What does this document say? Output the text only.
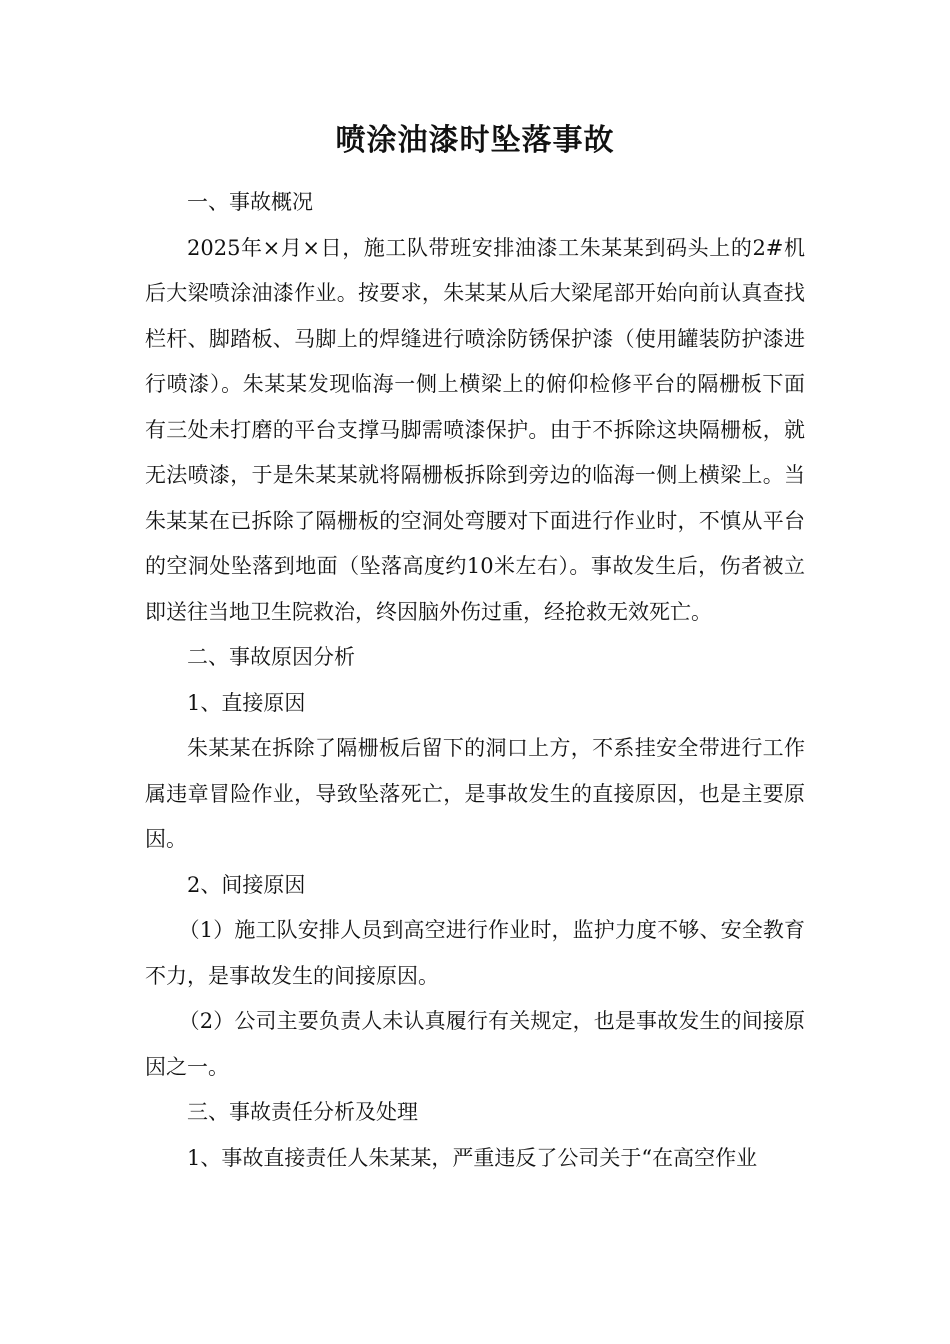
喷涂油漆时坠落事故

一、事故概况

2025年×月×日，施工队带班安排油漆工朱某某到码头上的2#机后大梁喷涂油漆作业。按要求，朱某某从后大梁尾部开始向前认真查找栏杆、脚踏板、马脚上的焊缝进行喷涂防锈保护漆（使用罐装防护漆进行喷漆）。朱某某发现临海一侧上横梁上的俯仰检修平台的隔栅板下面有三处未打磨的平台支撑马脚需喷漆保护。由于不拆除这块隔栅板，就无法喷漆，于是朱某某就将隔栅板拆除到旁边的临海一侧上横梁上。当朱某某在已拆除了隔栅板的空洞处弯腰对下面进行作业时，不慎从平台的空洞处坠落到地面（坠落高度约10米左右）。事故发生后，伤者被立即送往当地卫生院救治，终因脑外伤过重，经抢救无效死亡。

二、事故原因分析

1、直接原因

朱某某在拆除了隔栅板后留下的洞口上方，不系挂安全带进行工作属违章冒险作业，导致坠落死亡，是事故发生的直接原因，也是主要原因。

2、间接原因

（1）施工队安排人员到高空进行作业时，监护力度不够、安全教育不力，是事故发生的间接原因。

（2）公司主要负责人未认真履行有关规定，也是事故发生的间接原因之一。

三、事故责任分析及处理

1、事故直接责任人朱某某，严重违反了公司关于“在高空作业
